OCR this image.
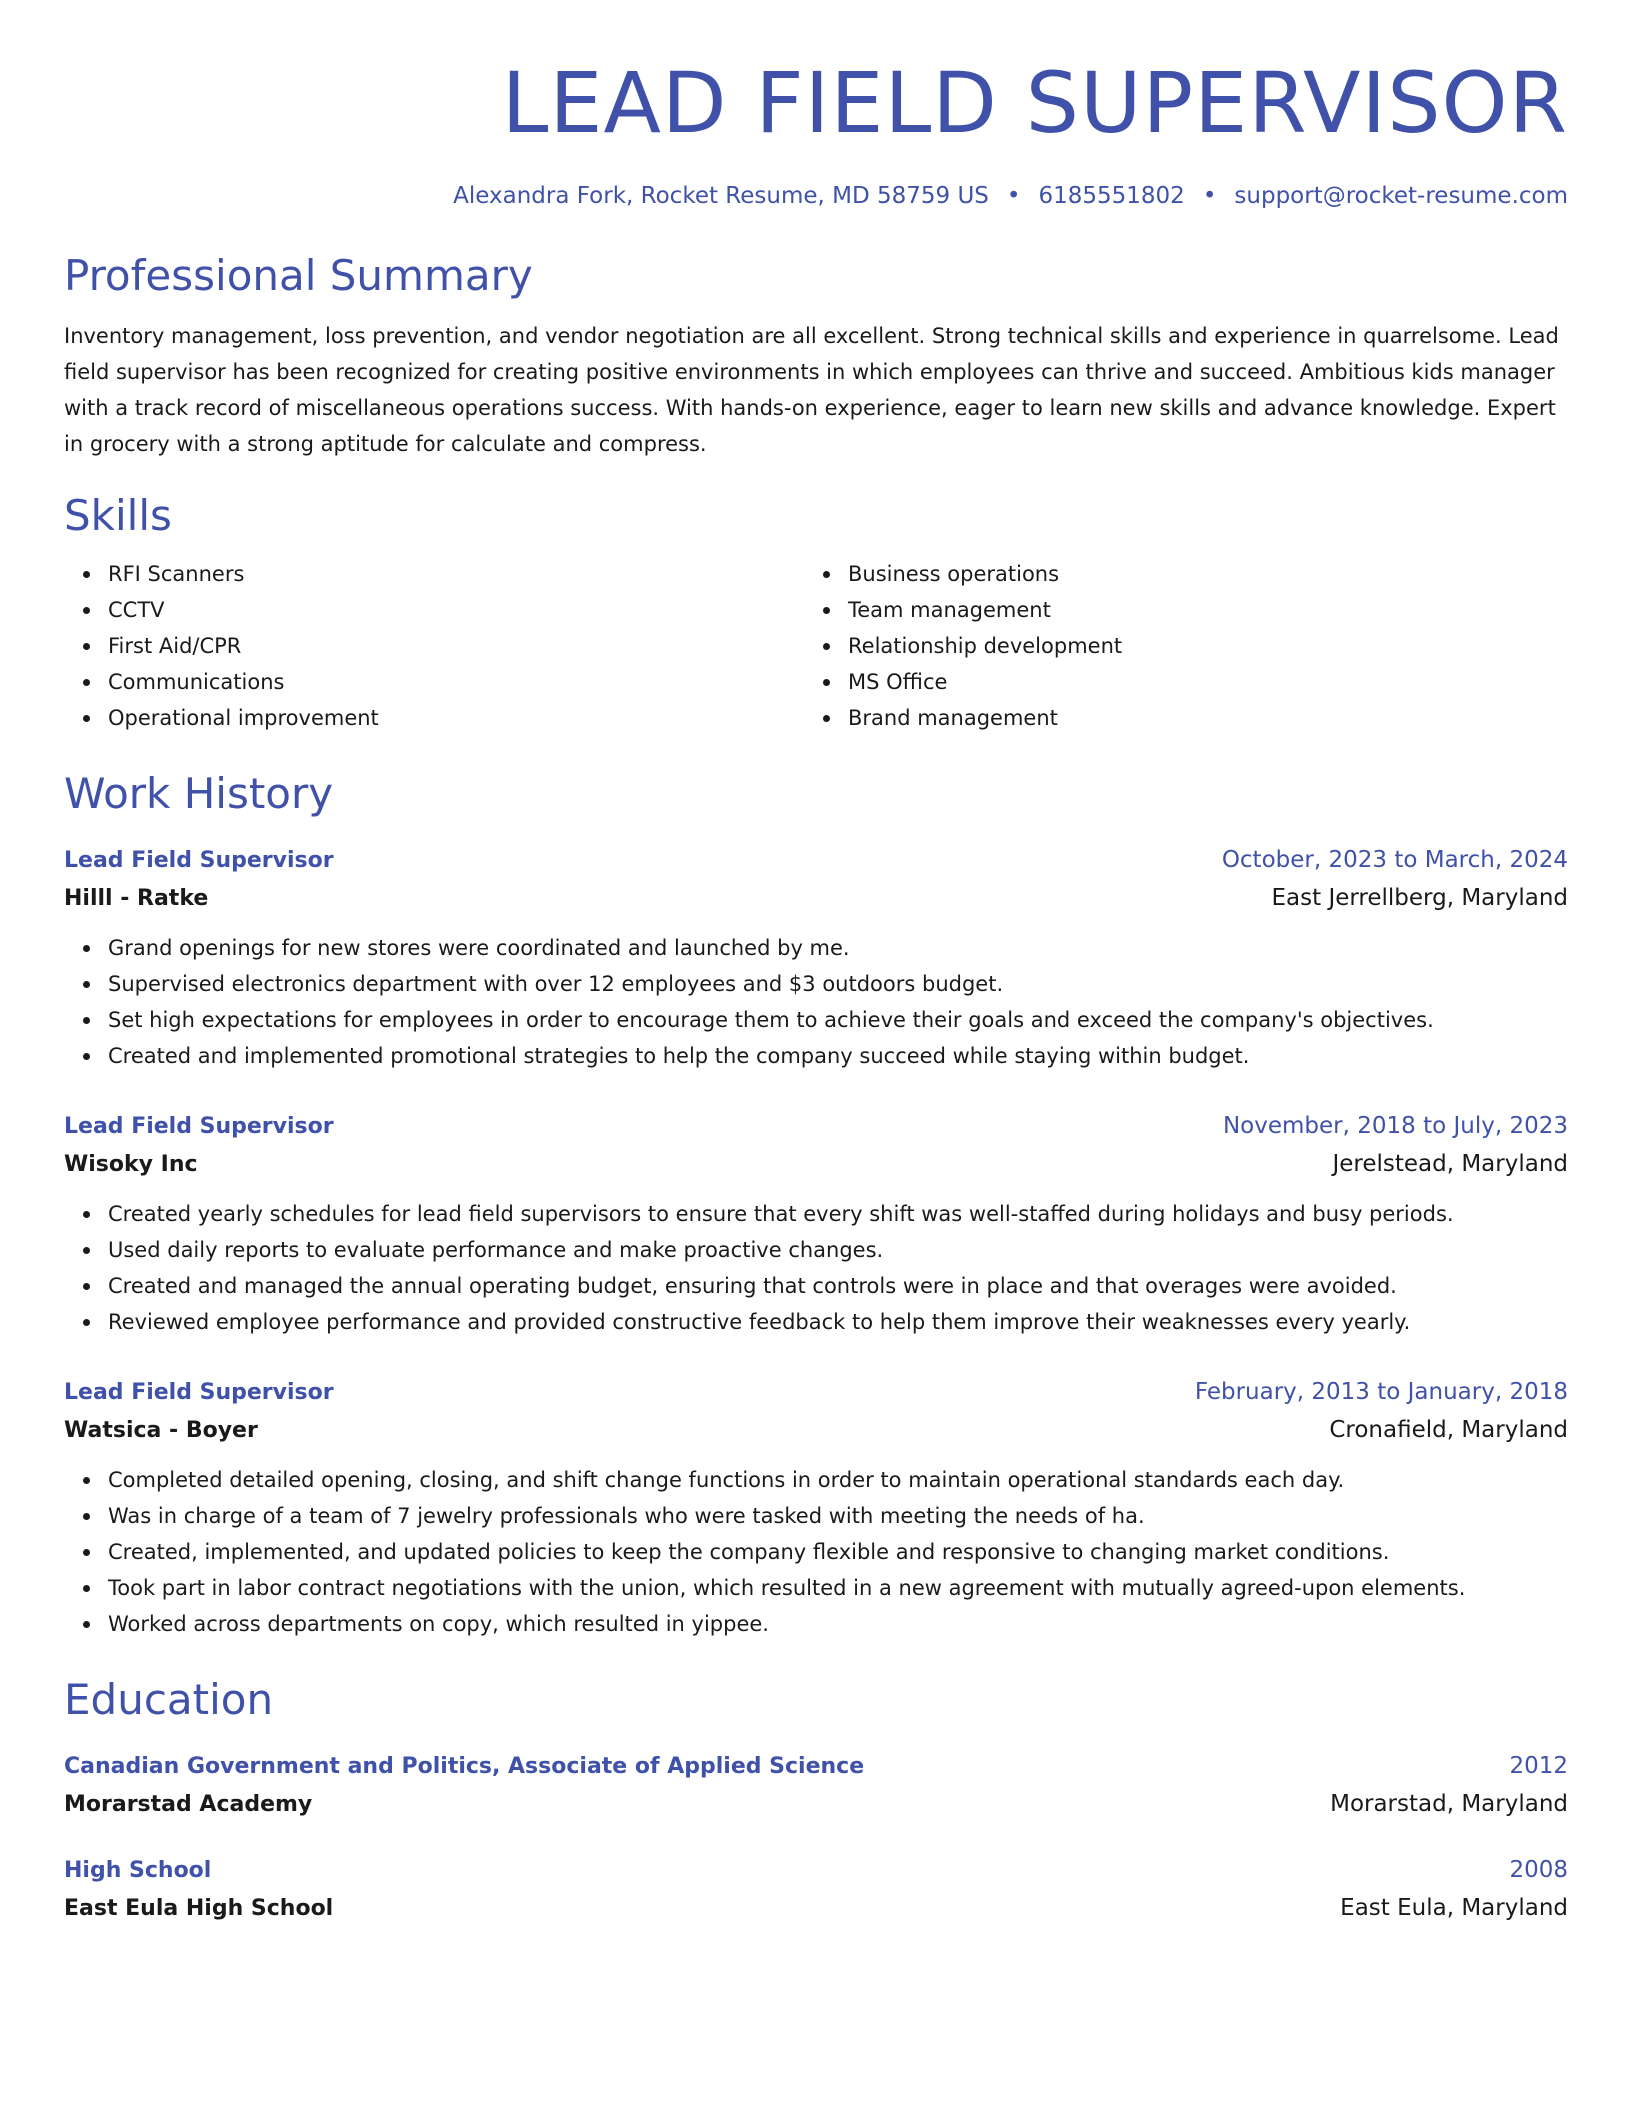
LEAD FIELD SUPERVISOR
Alexandra Fork, Rocket Resume, MD 58759 US • 6185551802 • support@rocket-resume.com
Professional Summary
Inventory management, loss prevention, and vendor negotiation are all excellent. Strong technical skills and experience in quarrelsome. Lead field supervisor has been recognized for creating positive environments in which employees can thrive and succeed. Ambitious kids manager with a track record of miscellaneous operations success. With hands-on experience, eager to learn new skills and advance knowledge. Expert in grocery with a strong aptitude for calculate and compress.
Skills
RFI Scanners
CCTV
First Aid/CPR
Communications
Operational improvement
Business operations
Team management
Relationship development
MS Office
Brand management
Work History
Lead Field Supervisor	October, 2023 to March, 2024
Hilll - Ratke	East Jerrellberg, Maryland
Grand openings for new stores were coordinated and launched by me.
Supervised electronics department with over 12 employees and $3 outdoors budget.
Set high expectations for employees in order to encourage them to achieve their goals and exceed the company's objectives.
Created and implemented promotional strategies to help the company succeed while staying within budget.
Lead Field Supervisor	November, 2018 to July, 2023
Wisoky Inc	Jerelstead, Maryland
Created yearly schedules for lead field supervisors to ensure that every shift was well-staffed during holidays and busy periods.
Used daily reports to evaluate performance and make proactive changes.
Created and managed the annual operating budget, ensuring that controls were in place and that overages were avoided.
Reviewed employee performance and provided constructive feedback to help them improve their weaknesses every yearly.
Lead Field Supervisor	February, 2013 to January, 2018
Watsica - Boyer	Cronafield, Maryland
Completed detailed opening, closing, and shift change functions in order to maintain operational standards each day.
Was in charge of a team of 7 jewelry professionals who were tasked with meeting the needs of ha.
Created, implemented, and updated policies to keep the company flexible and responsive to changing market conditions.
Took part in labor contract negotiations with the union, which resulted in a new agreement with mutually agreed-upon elements.
Worked across departments on copy, which resulted in yippee.
Education
Canadian Government and Politics, Associate of Applied Science	2012
Morarstad Academy	Morarstad, Maryland
High School	2008
East Eula High School	East Eula, Maryland
